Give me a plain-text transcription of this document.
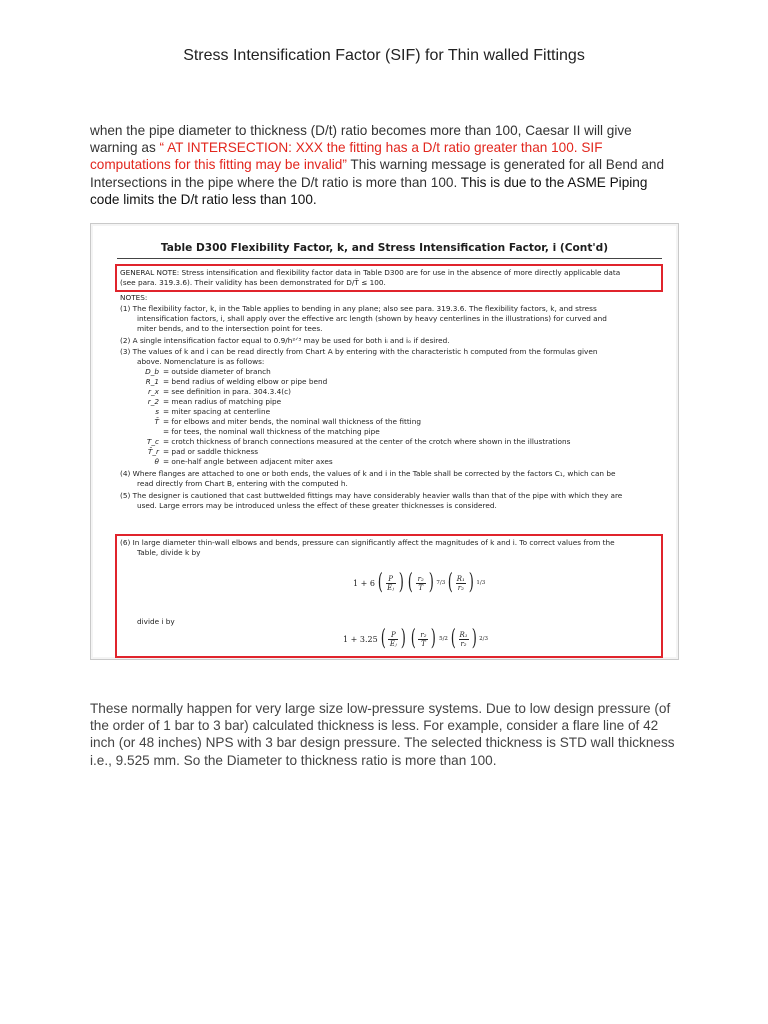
Stress Intensification Factor (SIF) for Thin walled Fittings
when the pipe diameter to thickness (D/t) ratio becomes more than 100, Caesar II will give warning as “ AT INTERSECTION: XXX the fitting has a D/t ratio greater than 100. SIF computations for this fitting may be invalid” This warning message is generated for all Bend and Intersections in the pipe where the D/t ratio is more than 100. This is due to the ASME Piping code limits the D/t ratio less than 100.
Table D300 Flexibility Factor, k, and Stress Intensification Factor, i (Cont'd)
GENERAL NOTE: Stress intensification and flexibility factor data in Table D300 are for use in the absence of more directly applicable data
(see para. 319.3.6). Their validity has been demonstrated for D/T̄ ≤ 100.
NOTES:
(1) The flexibility factor, k, in the Table applies to bending in any plane; also see para. 319.3.6. The flexibility factors, k, and stress
intensification factors, i, shall apply over the effective arc length (shown by heavy centerlines in the illustrations) for curved and
miter bends, and to the intersection point for tees.
(2) A single intensification factor equal to 0.9/h²ᐟ³ may be used for both iᵢ and iₒ if desired.
(3) The values of k and i can be read directly from Chart A by entering with the characteristic h computed from the formulas given
above. Nomenclature is as follows:
D_b = outside diameter of branch
R_1 = bend radius of welding elbow or pipe bend
r_x = see definition in para. 304.3.4(c)
r_2 = mean radius of matching pipe
s = miter spacing at centerline
T̄ = for elbows and miter bends, the nominal wall thickness of the fitting
= for tees, the nominal wall thickness of the matching pipe
T_c = crotch thickness of branch connections measured at the center of the crotch where shown in the illustrations
T̄_r = pad or saddle thickness
θ = one-half angle between adjacent miter axes
(4) Where flanges are attached to one or both ends, the values of k and i in the Table shall be corrected by the factors C₁, which can be
read directly from Chart B, entering with the computed h.
(5) The designer is cautioned that cast buttwelded fittings may have considerably heavier walls than that of the pipe with which they are
used. Large errors may be introduced unless the effect of these greater thicknesses is considered.
(6) In large diameter thin-wall elbows and bends, pressure can significantly affect the magnitudes of k and i. To correct values from the
Table, divide k by
1 + 6 ( $\frac{P}{\text{Eⱼ}}$ ) ( $\frac{\text{r₂}}{T̄}$ ) 7/3 ( $\frac{\text{R₁}}{\text{r₂}}$ ) 1/3
divide i by
1 + 3.25 ( $\frac{P}{\text{Eⱼ}}$ ) ( $\frac{\text{r₂}}{T̄}$ ) 5/2 ( $\frac{\text{R₁}}{\text{r₂}}$ ) 2/3
These normally happen for very large size low-pressure systems. Due to low design pressure (of the order of 1 bar to 3 bar) calculated thickness is less. For example, consider a flare line of 42 inch (or 48 inches) NPS with 3 bar design pressure. The selected thickness is STD wall thickness i.e., 9.525 mm. So the Diameter to thickness ratio is more than 100.
